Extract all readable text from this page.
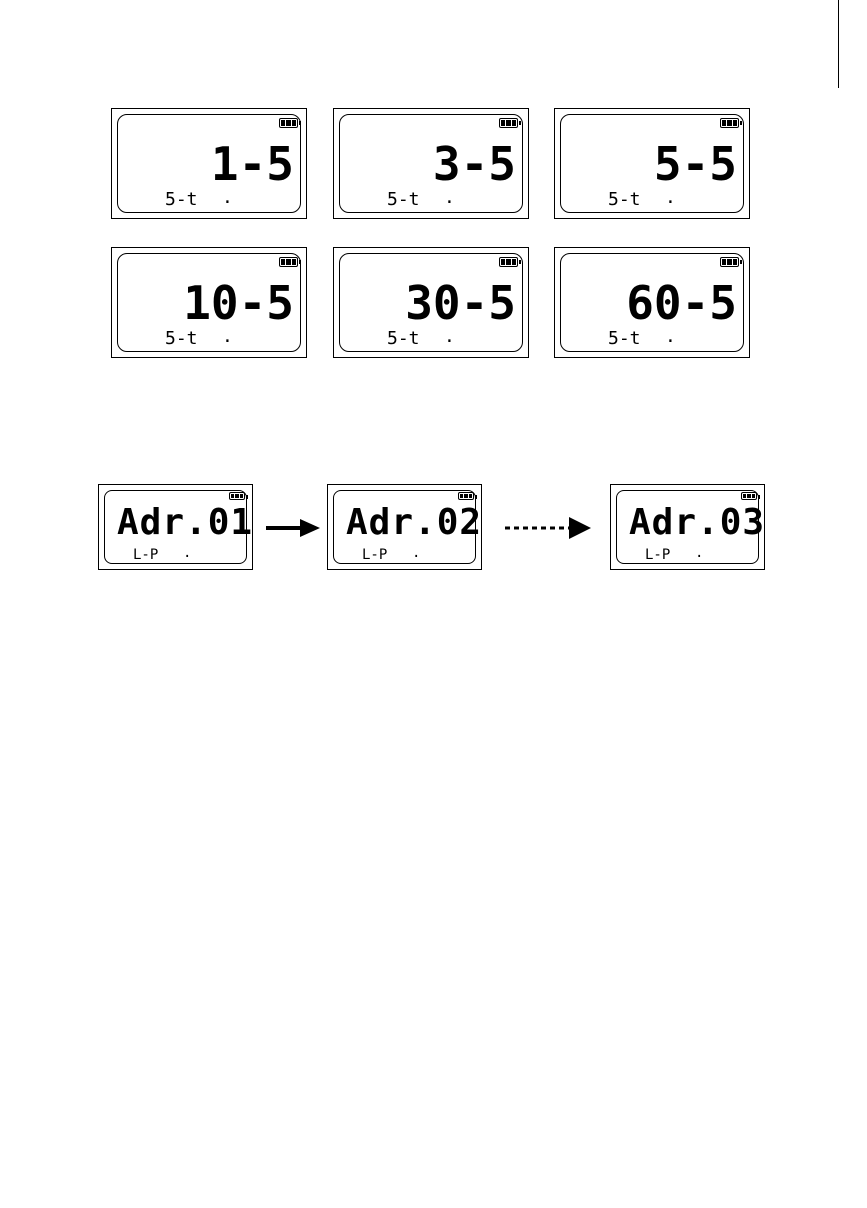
1-5
5-t .
3-5
5-t .
5-5
5-t .
10-5
5-t .
30-5
5-t .
60-5
5-t .
Adr.01
L-P .
Adr.02
L-P .
Adr.03
L-P .
